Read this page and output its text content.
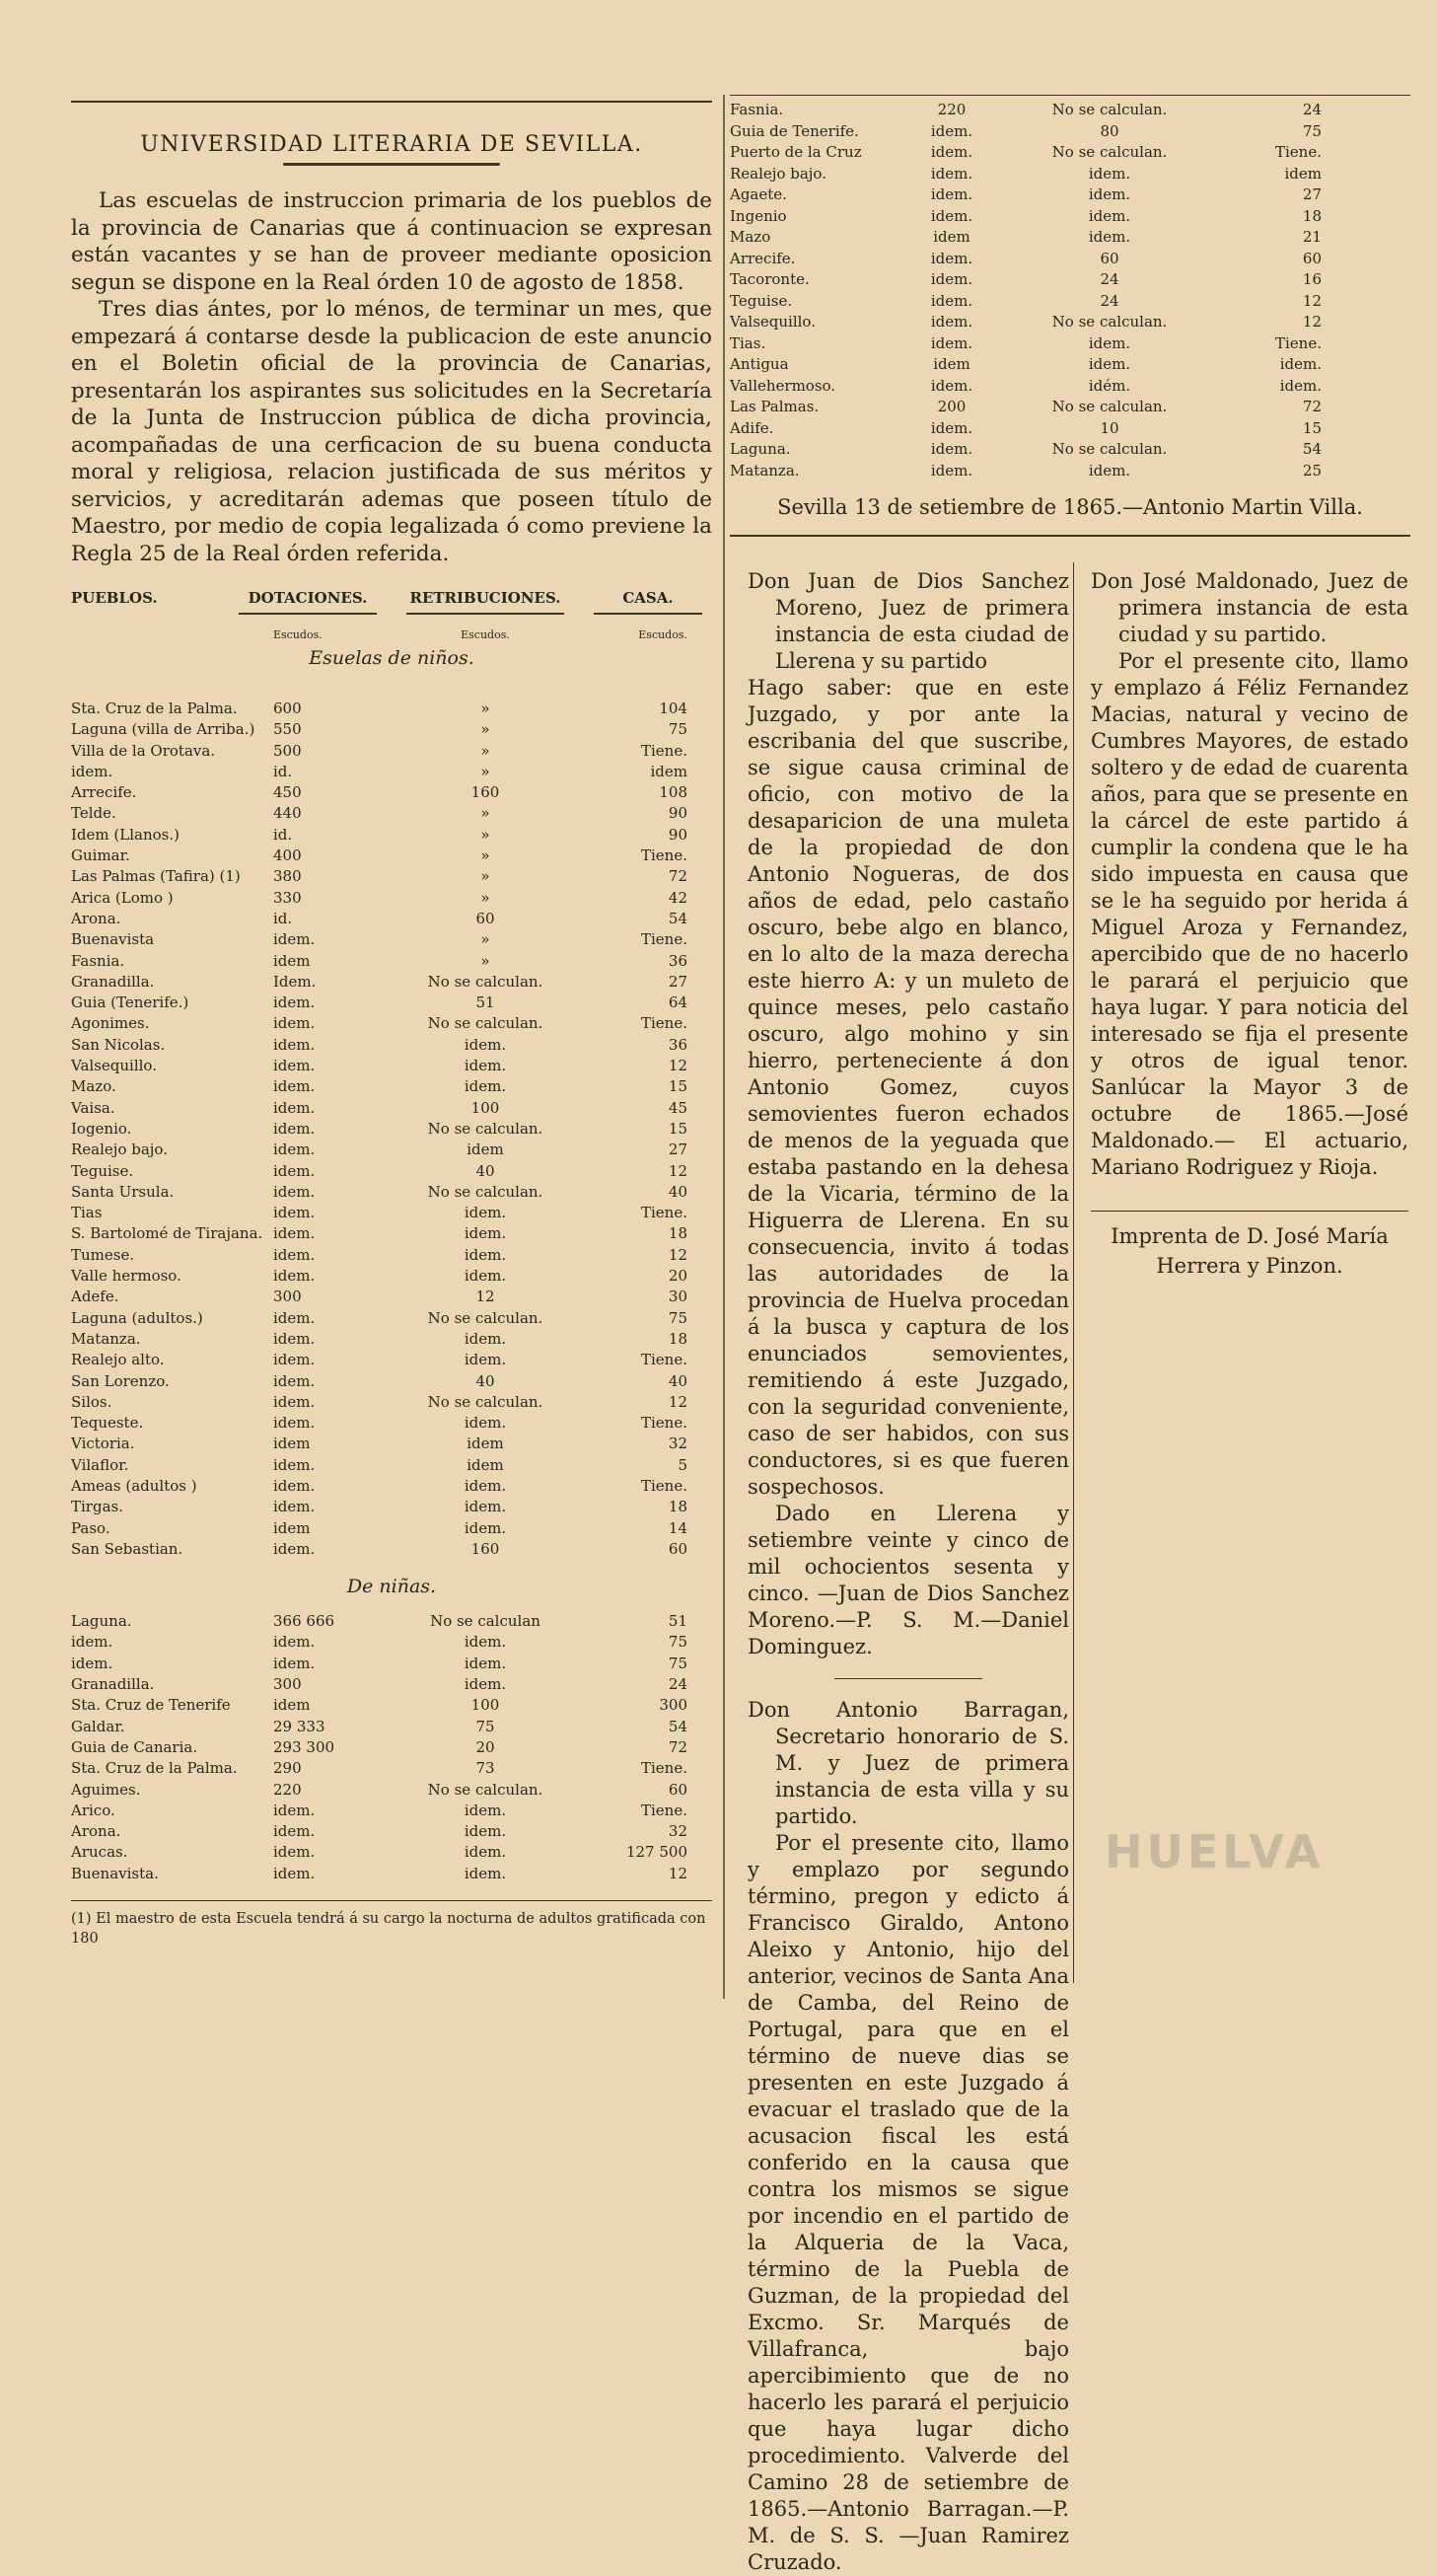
UNIVERSIDAD LITERARIA DE SEVILLA.

Las escuelas de instruccion primaria de los pueblos de la provincia de Canarias que á continuacion se expresan están vacantes y se han de proveer mediante oposicion segun se dispone en la Real órden 10 de agosto de 1858.

Tres dias ántes, por lo ménos, de terminar un mes, que empezará á contarse desde la publicacion de este anuncio en el Boletin oficial de la provincia de Canarias, presentarán los aspirantes sus solicitudes en la Secretaría de la Junta de Instruccion pública de dicha provincia, acompañadas de una cerficacion de su buena conducta moral y religiosa, relacion justificada de sus méritos y servicios, y acreditarán ademas que poseen título de Maestro, por medio de copia legalizada ó como previene la Regla 25 de la Real órden referida.

PUEBLOS.	DOTACIONES.	RETRIBUCIONES.	CASA.
Escudos.	Escudos.	Escudos.
Esuelas de niños.
Sta. Cruz de la Palma.	600	»	104
Laguna (villa de Arriba.)	550	»	75
Villa de la Orotava.	500	»	Tiene.
idem.	id.	»	idem
Arrecife.	450	160	108
Telde.	440	»	90
Idem (Llanos.)	id.	»	90
Guimar.	400	»	Tiene.
Las Palmas (Tafira) (1)	380	»	72
Arica (Lomo )	330	»	42
Arona.	id.	60	54
Buenavista	idem.	»	Tiene.
Fasnia.	idem	»	36
Granadilla.	Idem.	No se calculan.	27
Guia (Tenerife.)	idem.	51	64
Agonimes.	idem.	No se calculan.	Tiene.
San Nicolas.	idem.	idem.	36
Valsequillo.	idem.	idem.	12
Mazo.	idem.	idem.	15
Vaisa.	idem.	100	45
Iogenio.	idem.	No se calculan.	15
Realejo bajo.	idem.	idem	27
Teguise.	idem.	40	12
Santa Ursula.	idem.	No se calculan.	40
Tias	idem.	idem.	Tiene.
S. Bartolomé de Tirajana. idem.	idem.	18
Tumese.	idem.	idem.	12
Valle hermoso.	idem.	idem.	20
Adefe.	300	12	30
Laguna (adultos.)	idem.	No se calculan.	75
Matanza.	idem.	idem.	18
Realejo alto.	idem.	idem.	Tiene.
San Lorenzo.	idem.	40	40
Silos.	idem.	No se calculan.	12
Tequeste.	idem.	idem.	Tiene.
Victoria.	idem	idem	32
Vilaflor.	idem.	idem	5
Ameas (adultos )	idem.	idem.	Tiene.
Tirgas.	idem.	idem.	18
Paso.	idem	idem.	14
San Sebastian.	idem.	160	60
De niñas.
Laguna.	366 666	No se calculan	51
idem.	idem.	idem.	75
idem.	idem.	idem.	75
Granadilla.	300	idem.	24
Sta. Cruz de Tenerife	idem	100	300
Galdar.	29 333	75	54
Guia de Canaria.	293 300	20	72
Sta. Cruz de la Palma.	290	73	Tiene.
Aguimes.	220	No se calculan.	60
Arico.	idem.	idem.	Tiene.
Arona.	idem.	idem.	32
Arucas.	idem.	idem.	127 500
Buenavista.	idem.	idem.	12
(1) El maestro de esta Escuela tendrá á su cargo la nocturna de adultos gratificada con 180
Fasnia.	220	No se calculan.	24
Guia de Tenerife.	idem.	80	75
Puerto de la Cruz	idem.	No se calculan.	Tiene.
Realejo bajo.	idem.	idem.	idem
Agaete.	idem.	idem.	27
Ingenio	idem.	idem.	18
Mazo	idem	idem.	21
Arrecife.	idem.	60	60
Tacoronte.	idem.	24	16
Teguise.	idem.	24	12
Valsequillo.	idem.	No se calculan.	12
Tias.	idem.	idem.	Tiene.
Antigua	idem	idem.	idem.
Vallehermoso.	idem.	idém.	idem.
Las Palmas.	200	No se calculan.	72
Adife.	idem.	10	15
Laguna.	idem.	No se calculan.	54
Matanza.	idem.	idem.	25
Sevilla 13 de setiembre de 1865.—Antonio Martin Villa.

Don Juan de Dios Sanchez Moreno, Juez de primera instancia de esta ciudad de Llerena y su partido

Hago saber: que en este Juzgado, y por ante la escribania del que suscribe, se sigue causa criminal de oficio, con motivo de la desaparicion de una muleta de la propiedad de don Antonio Nogueras, de dos años de edad, pelo castaño oscuro, bebe algo en blanco, en lo alto de la maza derecha este hierro A: y un muleto de quince meses, pelo castaño oscuro, algo mohino y sin hierro, perteneciente á don Antonio Gomez, cuyos semovientes fueron echados de menos de la yeguada que estaba pastando en la dehesa de la Vicaria, término de la Higuerra de Llerena. En su consecuencia, invito á todas las autoridades de la provincia de Huelva procedan á la busca y captura de los enunciados semovientes, remitiendo á este Juzgado, con la seguridad conveniente, caso de ser habidos, con sus conductores, si es que fueren sospechosos.

Dado en Llerena y setiembre veinte y cinco de mil ochocientos sesenta y cinco. —Juan de Dios Sanchez Moreno.—P. S. M.—Daniel Dominguez.

Don Antonio Barragan, Secretario honorario de S. M. y Juez de primera instancia de esta villa y su partido.

Por el presente cito, llamo y emplazo por segundo término, pregon y edicto á Francisco Giraldo, Antono Aleixo y Antonio, hijo del anterior, vecinos de Santa Ana de Camba, del Reino de Portugal, para que en el término de nueve dias se presenten en este Juzgado á evacuar el traslado que de la acusacion fiscal les está conferido en la causa que contra los mismos se sigue por incendio en el partido de la Alqueria de la Vaca, término de la Puebla de Guzman, de la propiedad del Excmo. Sr. Marqués de Villafranca, bajo apercibimiento que de no hacerlo les parará el perjuicio que haya lugar dicho procedimiento. Valverde del Camino 28 de setiembre de 1865.—Antonio Barragan.—P. M. de S. S. —Juan Ramirez Cruzado.

Don José Maldonado, Juez de primera instancia de esta ciudad y su partido.

Por el presente cito, llamo y emplazo á Féliz Fernandez Macias, natural y vecino de Cumbres Mayores, de estado soltero y de edad de cuarenta años, para que se presente en la cárcel de este partido á cumplir la condena que le ha sido impuesta en causa que se le ha seguido por herida á Miguel Aroza y Fernandez, apercibido que de no hacerlo le parará el perjuicio que haya lugar. Y para noticia del interesado se fija el presente y otros de igual tenor. Sanlúcar la Mayor 3 de octubre de 1865.—José Maldonado.— El actuario, Mariano Rodriguez y Rioja.

Imprenta de D. José María
Herrera y Pinzon.
HUELVA
